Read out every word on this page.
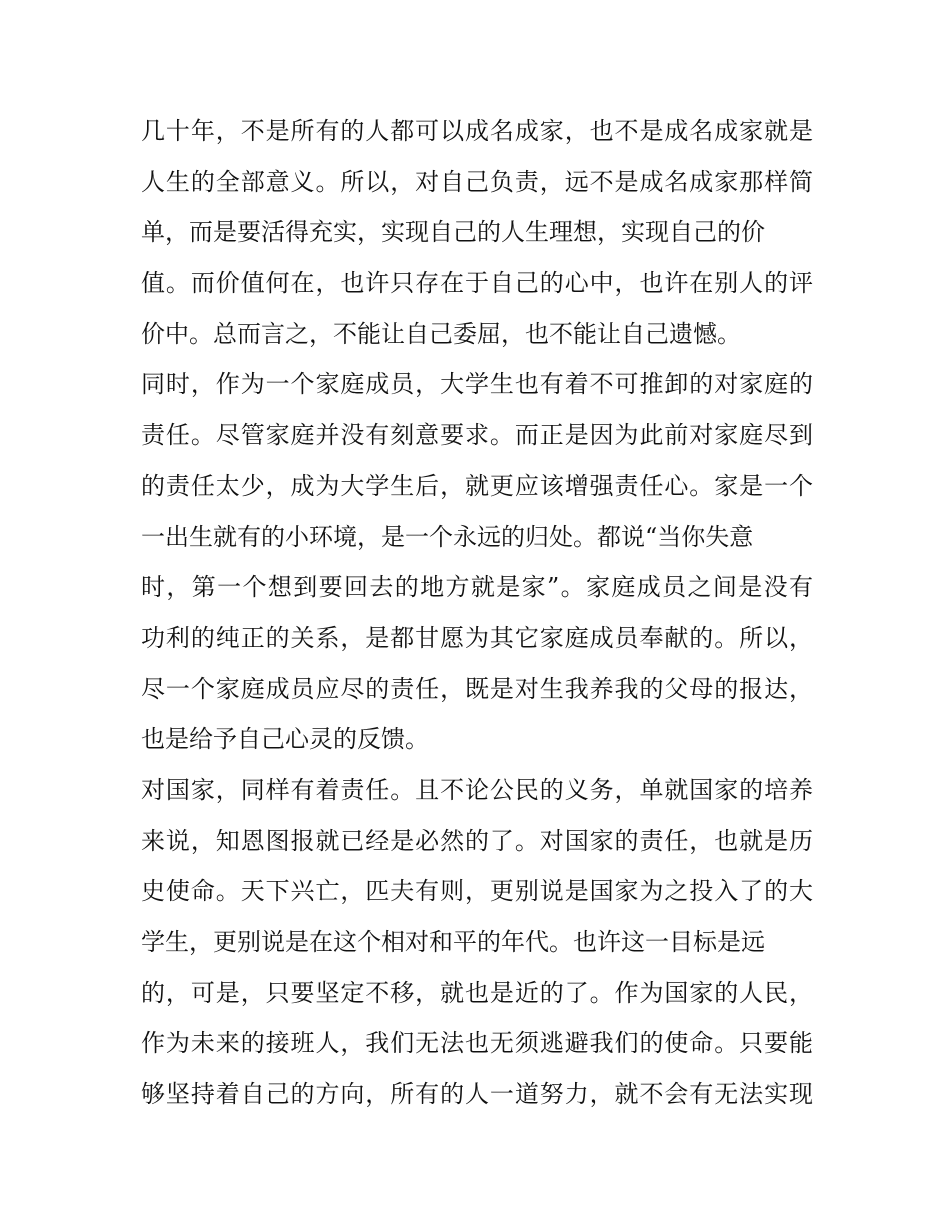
几十年，不是所有的人都可以成名成家，也不是成名成家就是
人生的全部意义。所以，对自己负责，远不是成名成家那样简
单，而是要活得充实，实现自己的人生理想，实现自己的价
值。而价值何在，也许只存在于自己的心中，也许在别人的评
价中。总而言之，不能让自己委屈，也不能让自己遗憾。
同时，作为一个家庭成员，大学生也有着不可推卸的对家庭的
责任。尽管家庭并没有刻意要求。而正是因为此前对家庭尽到
的责任太少，成为大学生后，就更应该增强责任心。家是一个
一出生就有的小环境，是一个永远的归处。都说“当你失意
时，第一个想到要回去的地方就是家”。家庭成员之间是没有
功利的纯正的关系，是都甘愿为其它家庭成员奉献的。所以，
尽一个家庭成员应尽的责任，既是对生我养我的父母的报达，
也是给予自己心灵的反馈。
对国家，同样有着责任。且不论公民的义务，单就国家的培养
来说，知恩图报就已经是必然的了。对国家的责任，也就是历
史使命。天下兴亡，匹夫有则，更别说是国家为之投入了的大
学生，更别说是在这个相对和平的年代。也许这一目标是远
的，可是，只要坚定不移，就也是近的了。作为国家的人民，
作为未来的接班人，我们无法也无须逃避我们的使命。只要能
够坚持着自己的方向，所有的人一道努力，就不会有无法实现
